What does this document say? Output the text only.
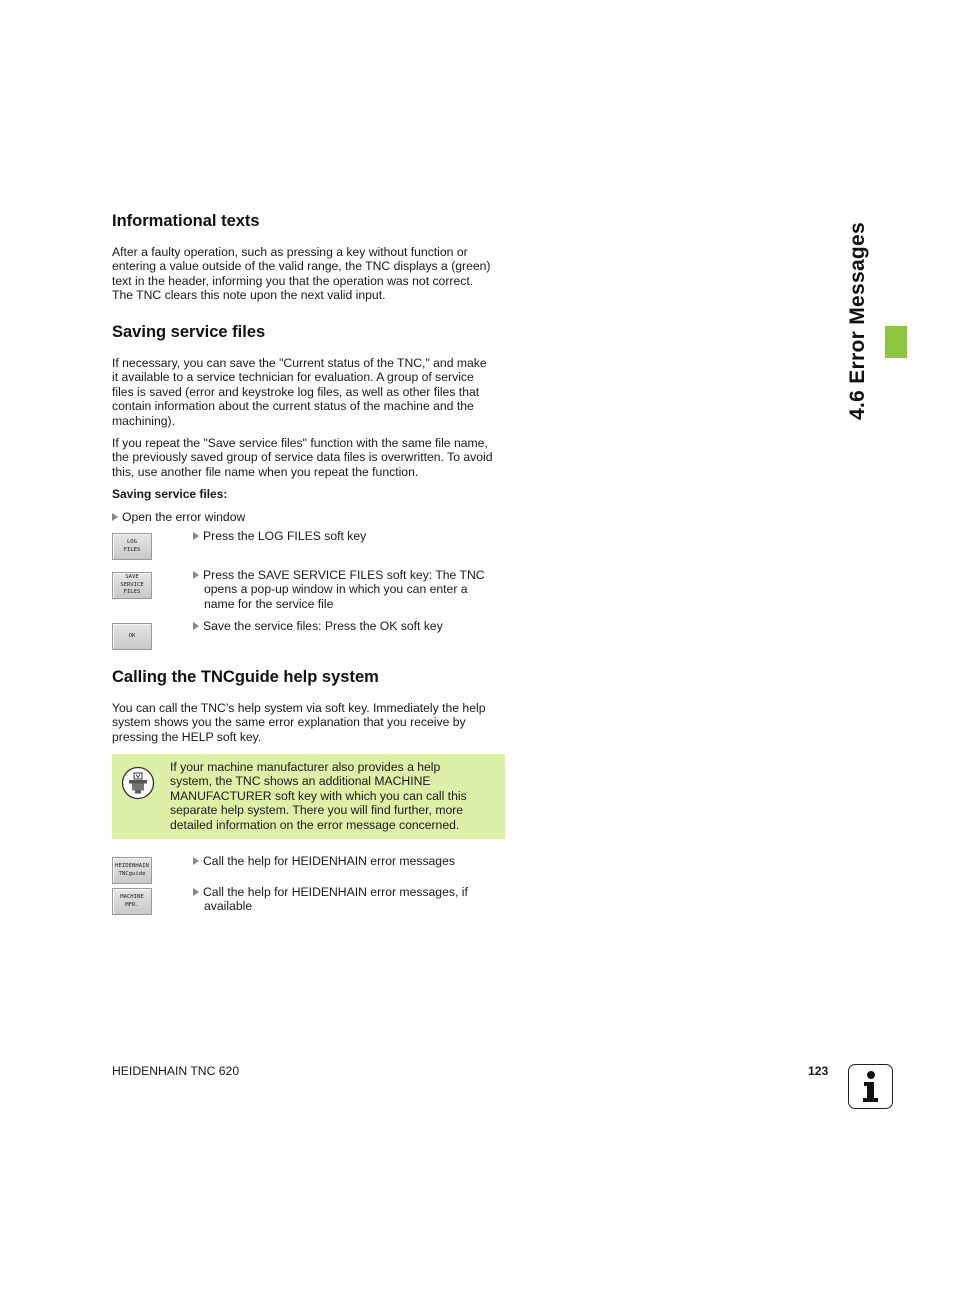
Informational texts

After a faulty operation, such as pressing a key without function or

entering a value outside of the valid range, the TNC displays a (green)

text in the header, informing you that the operation was not correct.

The TNC clears this note upon the next valid input.

Saving service files

If necessary, you can save the "Current status of the TNC," and make

it available to a service technician for evaluation. A group of service

files is saved (error and keystroke log files, as well as other files that

contain information about the current status of the machine and the

machining).

If you repeat the "Save service files" function with the same file name,

the previously saved group of service data files is overwritten. To avoid

this, use another file name when you repeat the function.

Saving service files:

Open the error window
LOG
FILES
Press the LOG FILES soft key
SAVE
SERVICE
FILES
Press the SAVE SERVICE FILES soft key: The TNC
opens a pop-up window in which you can enter a
name for the service file
OK
Save the service files: Press the OK soft key
Calling the TNCguide help system

You can call the TNC’s help system via soft key. Immediately the help

system shows you the same error explanation that you receive by

pressing the HELP soft key.

If your machine manufacturer also provides a help

system, the TNC shows an additional MACHINE

MANUFACTURER soft key with which you can call this

separate help system. There you will find further, more

detailed information on the error message concerned.

HEIDENHAIN
TNCguide
Call the help for HEIDENHAIN error messages
MACHINE
MFR.
Call the help for HEIDENHAIN error messages, if
available
4.6 Error Messages
HEIDENHAIN TNC 620	123
